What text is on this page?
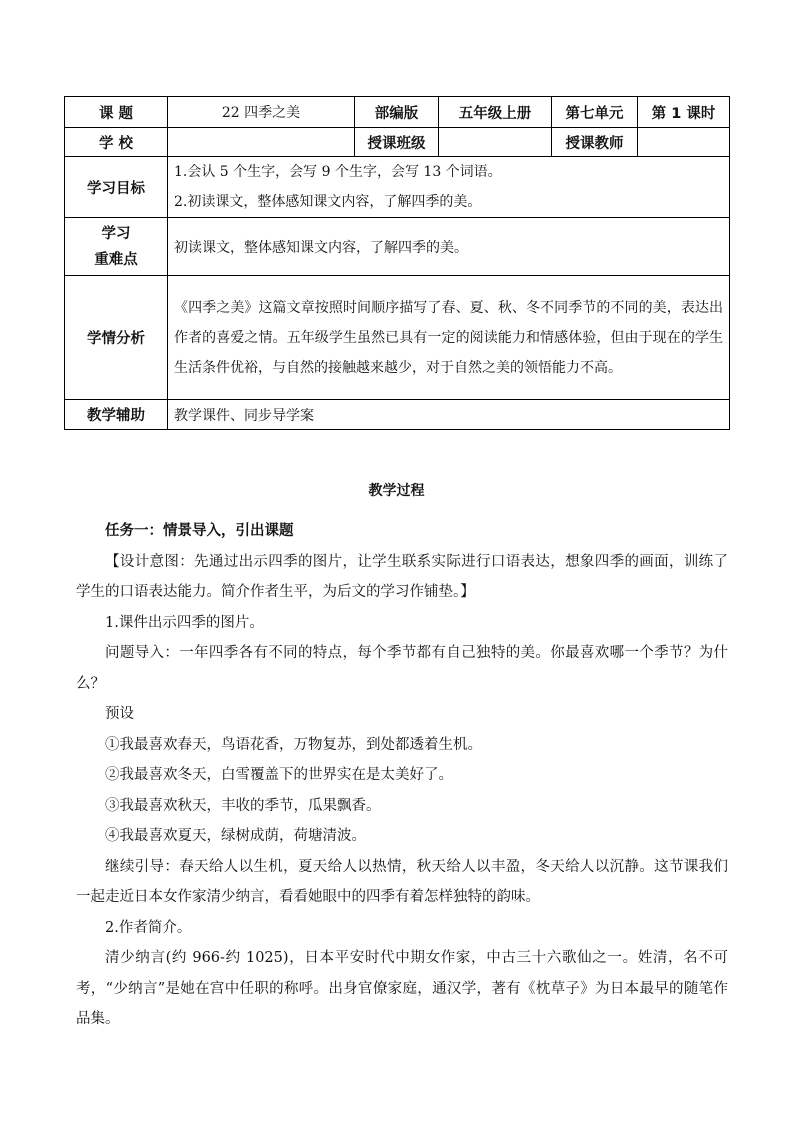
课 题	22 四季之美	部编版	五年级上册	第七单元	第 1 课时
学 校		授课班级		授课教师	
学习目标	1.会认 5 个生字，会写 9 个生字，会写 13 个词语。
2.初读课文，整体感知课文内容，了解四季的美。				

学习
重难点	初读课文，整体感知课文内容，了解四季的美。				
学情分析	《四季之美》这篇文章按照时间顺序描写了春、夏、秋、冬不同季节的不同的美，表达出作者的喜爱之情。五年级学生虽然已具有一定的阅读能力和情感体验，但由于现在的学生生活条件优裕，与自然的接触越来越少，对于自然之美的领悟能力不高。				
教学辅助	教学课件、同步导学案				
教学过程

任务一：情景导入，引出课题

【设计意图：先通过出示四季的图片，让学生联系实际进行口语表达，想象四季的画面，训练了学生的口语表达能力。简介作者生平，为后文的学习作铺垫。】

1.课件出示四季的图片。

问题导入：一年四季各有不同的特点，每个季节都有自己独特的美。你最喜欢哪一个季节？为什么？

预设

①我最喜欢春天，鸟语花香，万物复苏，到处都透着生机。

②我最喜欢冬天，白雪覆盖下的世界实在是太美好了。

③我最喜欢秋天，丰收的季节，瓜果飘香。

④我最喜欢夏天，绿树成荫，荷塘清波。

继续引导：春天给人以生机，夏天给人以热情，秋天给人以丰盈，冬天给人以沉静。这节课我们一起走近日本女作家清少纳言，看看她眼中的四季有着怎样独特的韵味。

2.作者简介。

清少纳言(约 966-约 1025)，日本平安时代中期女作家，中古三十六歌仙之一。姓清，名不可考，“少纳言”是她在宫中任职的称呼。出身官僚家庭，通汉学，著有《枕草子》为日本最早的随笔作品集。
